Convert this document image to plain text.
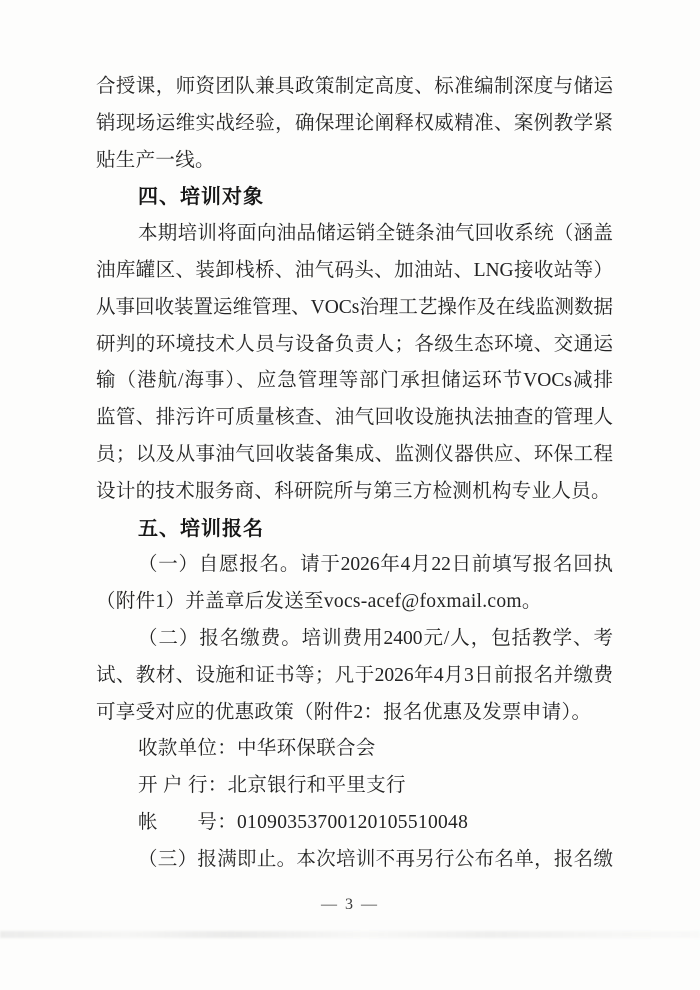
合授课，师资团队兼具政策制定高度、标准编制深度与储运
销现场运维实战经验，确保理论阐释权威精准、案例教学紧
贴生产一线。
四、培训对象
本期培训将面向油品储运销全链条油气回收系统（涵盖
油库罐区、装卸栈桥、油气码头、加油站、LNG接收站等）
从事回收装置运维管理、VOCs治理工艺操作及在线监测数据
研判的环境技术人员与设备负责人；各级生态环境、交通运
输（港航/海事）、应急管理等部门承担储运环节VOCs减排
监管、排污许可质量核查、油气回收设施执法抽查的管理人
员；以及从事油气回收装备集成、监测仪器供应、环保工程
设计的技术服务商、科研院所与第三方检测机构专业人员。
五、培训报名
（一）自愿报名。请于2026年4月22日前填写报名回执
（附件1）并盖章后发送至vocs-acef@foxmail.com。
（二）报名缴费。培训费用2400元/人，包括教学、考
试、教材、设施和证书等；凡于2026年4月3日前报名并缴费
可享受对应的优惠政策（附件2：报名优惠及发票申请）。
收款单位：中华环保联合会
开 户 行：北京银行和平里支行
帐　　号：01090353700120105510048
（三）报满即止。本次培训不再另行公布名单，报名缴
— 3 —
